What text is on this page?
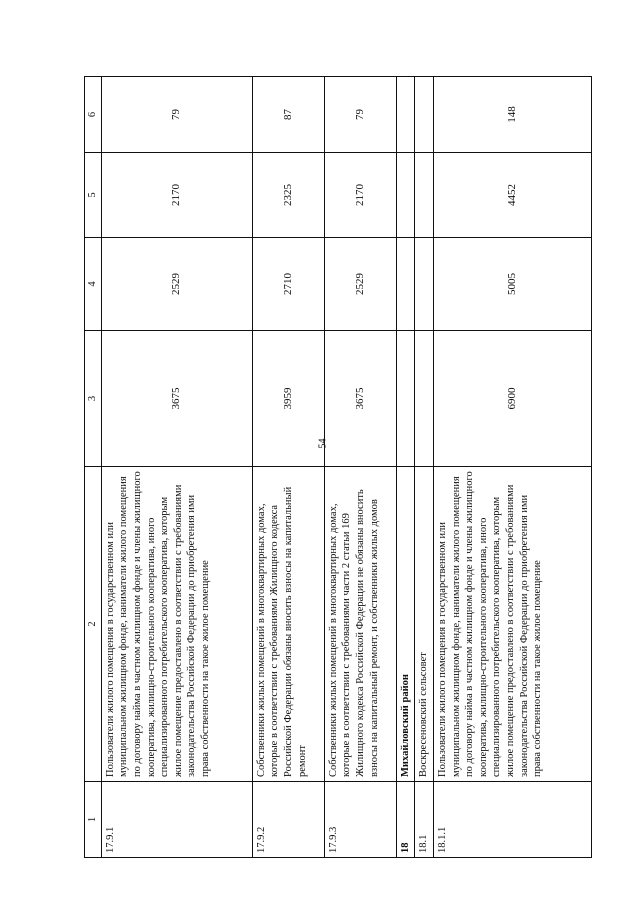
54
1	2	3	4	5	6
17.9.1	Пользователи жилого помещения в государственном или муниципальном жилищном фонде, наниматели жилого помещения по договору найма в частном жилищном фонде и члены жилищного кооператива, жилищно-строительного кооператива, иного специализированного потребительского кооператива, которым жилое помещение предоставлено в соответствии с требованиями законодательства Российской Федерации до приобретения ими права собственности на такое жилое помещение	3675	2529	2170	79
17.9.2	Собственники жилых помещений в многоквартирных домах, которые в соответствии с требованиями Жилищного кодекса Российской Федерации обязаны вносить взносы на капитальный ремонт	3959	2710	2325	87
17.9.3	Собственники жилых помещений в многоквартирных домах, которые в соответствии с требованиями части 2 статьи 169 Жилищного кодекса Российской Федерации не обязаны вносить взносы на капитальный ремонт, и собственники жилых домов	3675	2529	2170	79
18	Михайловский район				
18.1	Воскресеновский сельсовет				
18.1.1	Пользователи жилого помещения в государственном или муниципальном жилищном фонде, наниматели жилого помещения по договору найма в частном жилищном фонде и члены жилищного кооператива, жилищно-строительного кооператива, иного специализированного потребительского кооператива, которым жилое помещение предоставлено в соответствии с требованиями законодательства Российской Федерации до приобретения ими права собственности на такое жилое помещение	6900	5005	4452	148
